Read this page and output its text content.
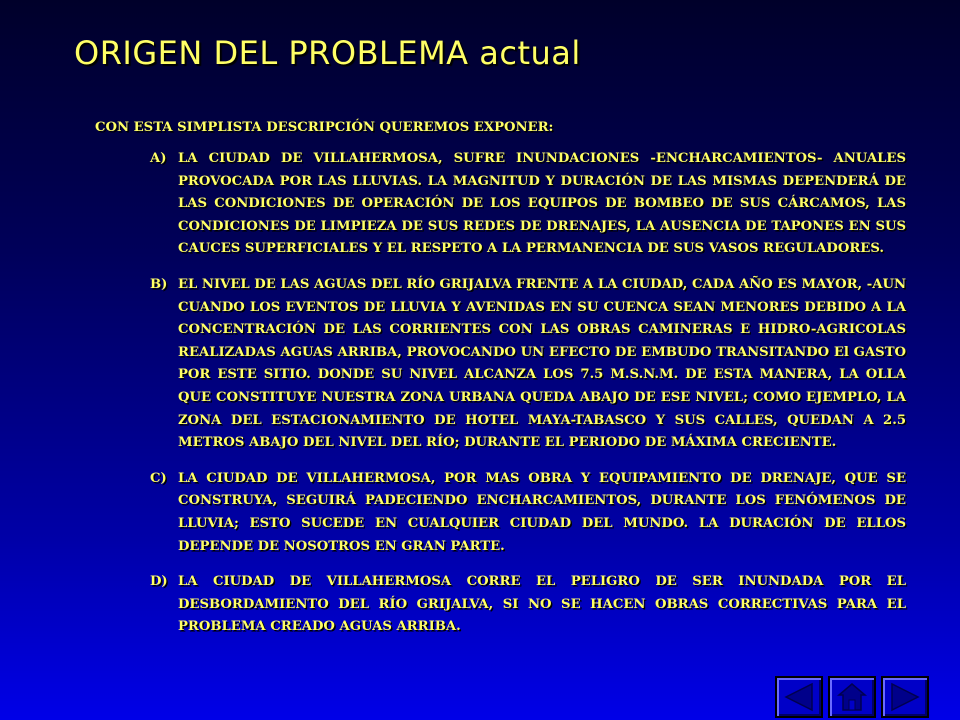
ORIGEN DEL PROBLEMA actual
CON ESTA SIMPLISTA DESCRIPCIÓN QUEREMOS EXPONER:
A) LA CIUDAD DE VILLAHERMOSA, SUFRE INUNDACIONES -ENCHARCAMIENTOS- ANUALES PROVOCADA POR LAS LLUVIAS. LA MAGNITUD Y DURACIÓN DE LAS MISMAS DEPENDERÁ DE LAS CONDICIONES DE OPERACIÓN DE LOS EQUIPOS DE BOMBEO DE SUS CÁRCAMOS, LAS CONDICIONES DE LIMPIEZA DE SUS REDES DE DRENAJES, LA AUSENCIA DE TAPONES EN SUS CAUCES SUPERFICIALES Y EL RESPETO A LA PERMANENCIA DE SUS VASOS REGULADORES.
B) EL NIVEL DE LAS AGUAS DEL RÍO GRIJALVA FRENTE A LA CIUDAD, CADA AÑO ES MAYOR, -AUN CUANDO LOS EVENTOS DE LLUVIA Y AVENIDAS EN SU CUENCA SEAN MENORES DEBIDO A LA CONCENTRACIÓN DE LAS CORRIENTES CON LAS OBRAS CAMINERAS E HIDRO-AGRICOLAS REALIZADAS AGUAS ARRIBA, PROVOCANDO UN EFECTO DE EMBUDO TRANSITANDO El GASTO POR ESTE SITIO. DONDE SU NIVEL ALCANZA LOS 7.5 M.S.N.M. DE ESTA MANERA, LA OLLA QUE CONSTITUYE NUESTRA ZONA URBANA QUEDA ABAJO DE ESE NIVEL; COMO EJEMPLO, LA ZONA DEL ESTACIONAMIENTO DE HOTEL MAYA-TABASCO Y SUS CALLES, QUEDAN A 2.5 METROS ABAJO DEL NIVEL DEL RÍO; DURANTE EL PERIODO DE MÁXIMA CRECIENTE.
C) LA CIUDAD DE VILLAHERMOSA, POR MAS OBRA Y EQUIPAMIENTO DE DRENAJE, QUE SE CONSTRUYA, SEGUIRÁ PADECIENDO ENCHARCAMIENTOS, DURANTE LOS FENÓMENOS DE LLUVIA; ESTO SUCEDE EN CUALQUIER CIUDAD DEL MUNDO. LA DURACIÓN DE ELLOS DEPENDE DE NOSOTROS EN GRAN PARTE.
D) LA CIUDAD DE VILLAHERMOSA CORRE EL PELIGRO DE SER INUNDADA POR EL DESBORDAMIENTO DEL RÍO GRIJALVA, SI NO SE HACEN OBRAS CORRECTIVAS PARA EL PROBLEMA CREADO AGUAS ARRIBA.
